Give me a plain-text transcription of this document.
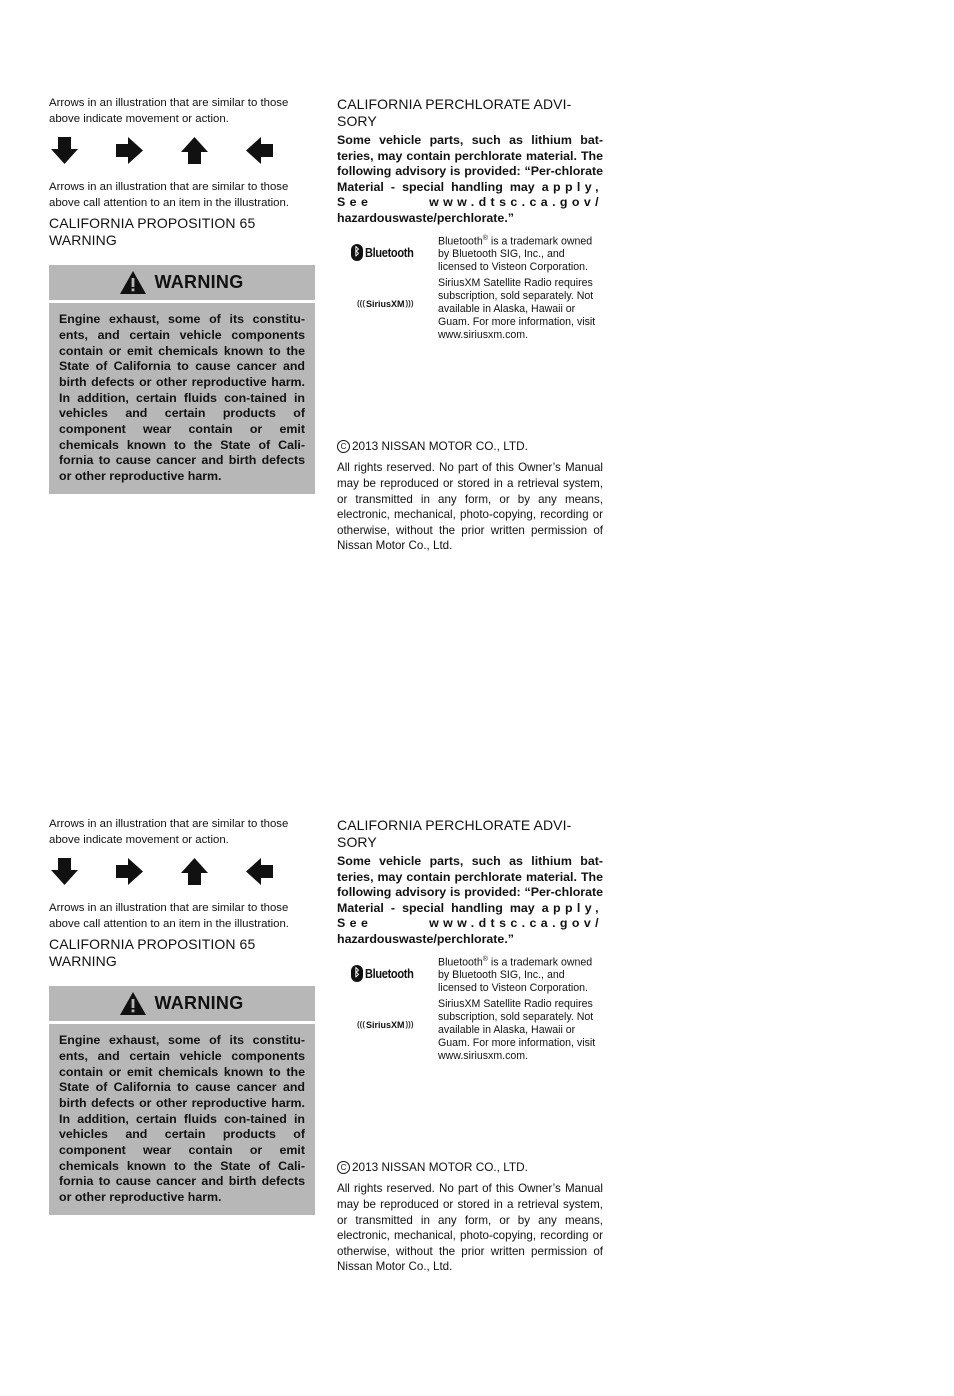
Arrows in an illustration that are similar to those above indicate movement or action.

Arrows in an illustration that are similar to those above call attention to an item in the illustration.

CALIFORNIA PROPOSITION 65 WARNING
WARNING
Engine exhaust, some of its constitu-ents, and certain vehicle components contain or emit chemicals known to the State of California to cause cancer and birth defects or other reproductive harm. In addition, certain fluids con-tained in vehicles and certain products of component wear contain or emit chemicals known to the State of Cali-fornia to cause cancer and birth defects or other reproductive harm.
CALIFORNIA PERCHLORATE ADVI-SORY

Some vehicle parts, such as lithium bat-teries, may contain perchlorate material. The following advisory is provided: “Per-chlorate Material - special handling may apply, See www.dtsc.ca.gov/ hazardouswaste/perchlorate.”

ᛒ Bluetooth
((( SiriusXM )))

Bluetooth® is a trademark owned by Bluetooth SIG, Inc., and licensed to Visteon Corporation.

SiriusXM Satellite Radio requires subscription, sold separately. Not available in Alaska, Hawaii or Guam. For more information, visit www.siriusxm.com.

C 2013 NISSAN MOTOR CO., LTD.
All rights reserved. No part of this Owner’s Manual may be reproduced or stored in a retrieval system, or transmitted in any form, or by any means, electronic, mechanical, photo-copying, recording or otherwise, without the prior written permission of Nissan Motor Co., Ltd.

Arrows in an illustration that are similar to those above indicate movement or action.

Arrows in an illustration that are similar to those above call attention to an item in the illustration.

CALIFORNIA PROPOSITION 65 WARNING
WARNING
Engine exhaust, some of its constitu-ents, and certain vehicle components contain or emit chemicals known to the State of California to cause cancer and birth defects or other reproductive harm. In addition, certain fluids con-tained in vehicles and certain products of component wear contain or emit chemicals known to the State of Cali-fornia to cause cancer and birth defects or other reproductive harm.
CALIFORNIA PERCHLORATE ADVI-SORY

Some vehicle parts, such as lithium bat-teries, may contain perchlorate material. The following advisory is provided: “Per-chlorate Material - special handling may apply, See www.dtsc.ca.gov/ hazardouswaste/perchlorate.”

ᛒ Bluetooth
((( SiriusXM )))

Bluetooth® is a trademark owned by Bluetooth SIG, Inc., and licensed to Visteon Corporation.

SiriusXM Satellite Radio requires subscription, sold separately. Not available in Alaska, Hawaii or Guam. For more information, visit www.siriusxm.com.

C 2013 NISSAN MOTOR CO., LTD.
All rights reserved. No part of this Owner’s Manual may be reproduced or stored in a retrieval system, or transmitted in any form, or by any means, electronic, mechanical, photo-copying, recording or otherwise, without the prior written permission of Nissan Motor Co., Ltd.
